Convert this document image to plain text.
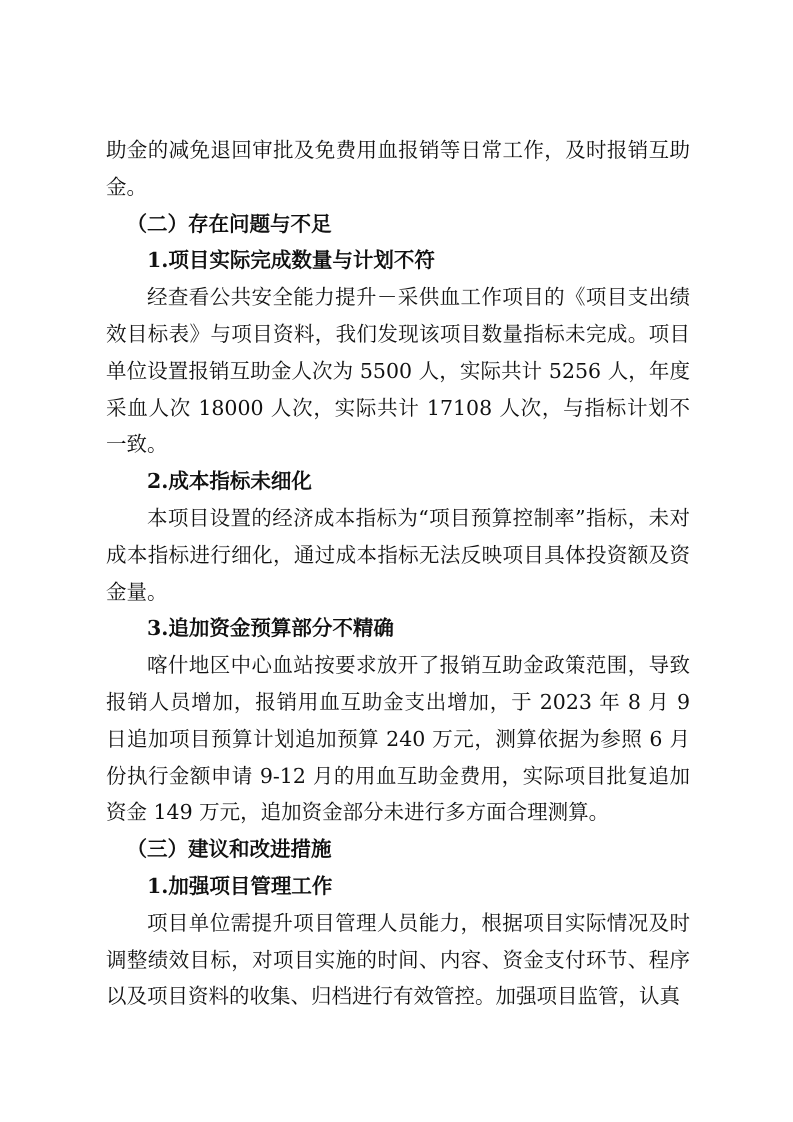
助金的减免退回审批及免费用血报销等日常工作，及时报销互助金。

（二）存在问题与不足

1.项目实际完成数量与计划不符

经查看公共安全能力提升－采供血工作项目的《项目支出绩效目标表》与项目资料，我们发现该项目数量指标未完成。项目单位设置报销互助金人次为 5500 人，实际共计 5256 人，年度采血人次 18000 人次，实际共计 17108 人次，与指标计划不一致。

2.成本指标未细化

本项目设置的经济成本指标为“项目预算控制率”指标，未对成本指标进行细化，通过成本指标无法反映项目具体投资额及资金量。

3.追加资金预算部分不精确

喀什地区中心血站按要求放开了报销互助金政策范围，导致报销人员增加，报销用血互助金支出增加，于 2023 年 8 月 9 日追加项目预算计划追加预算 240 万元，测算依据为参照 6 月份执行金额申请 9-12 月的用血互助金费用，实际项目批复追加资金 149 万元，追加资金部分未进行多方面合理测算。

（三）建议和改进措施

1.加强项目管理工作

项目单位需提升项目管理人员能力，根据项目实际情况及时调整绩效目标，对项目实施的时间、内容、资金支付环节、程序以及项目资料的收集、归档进行有效管控。加强项目监管，认真
